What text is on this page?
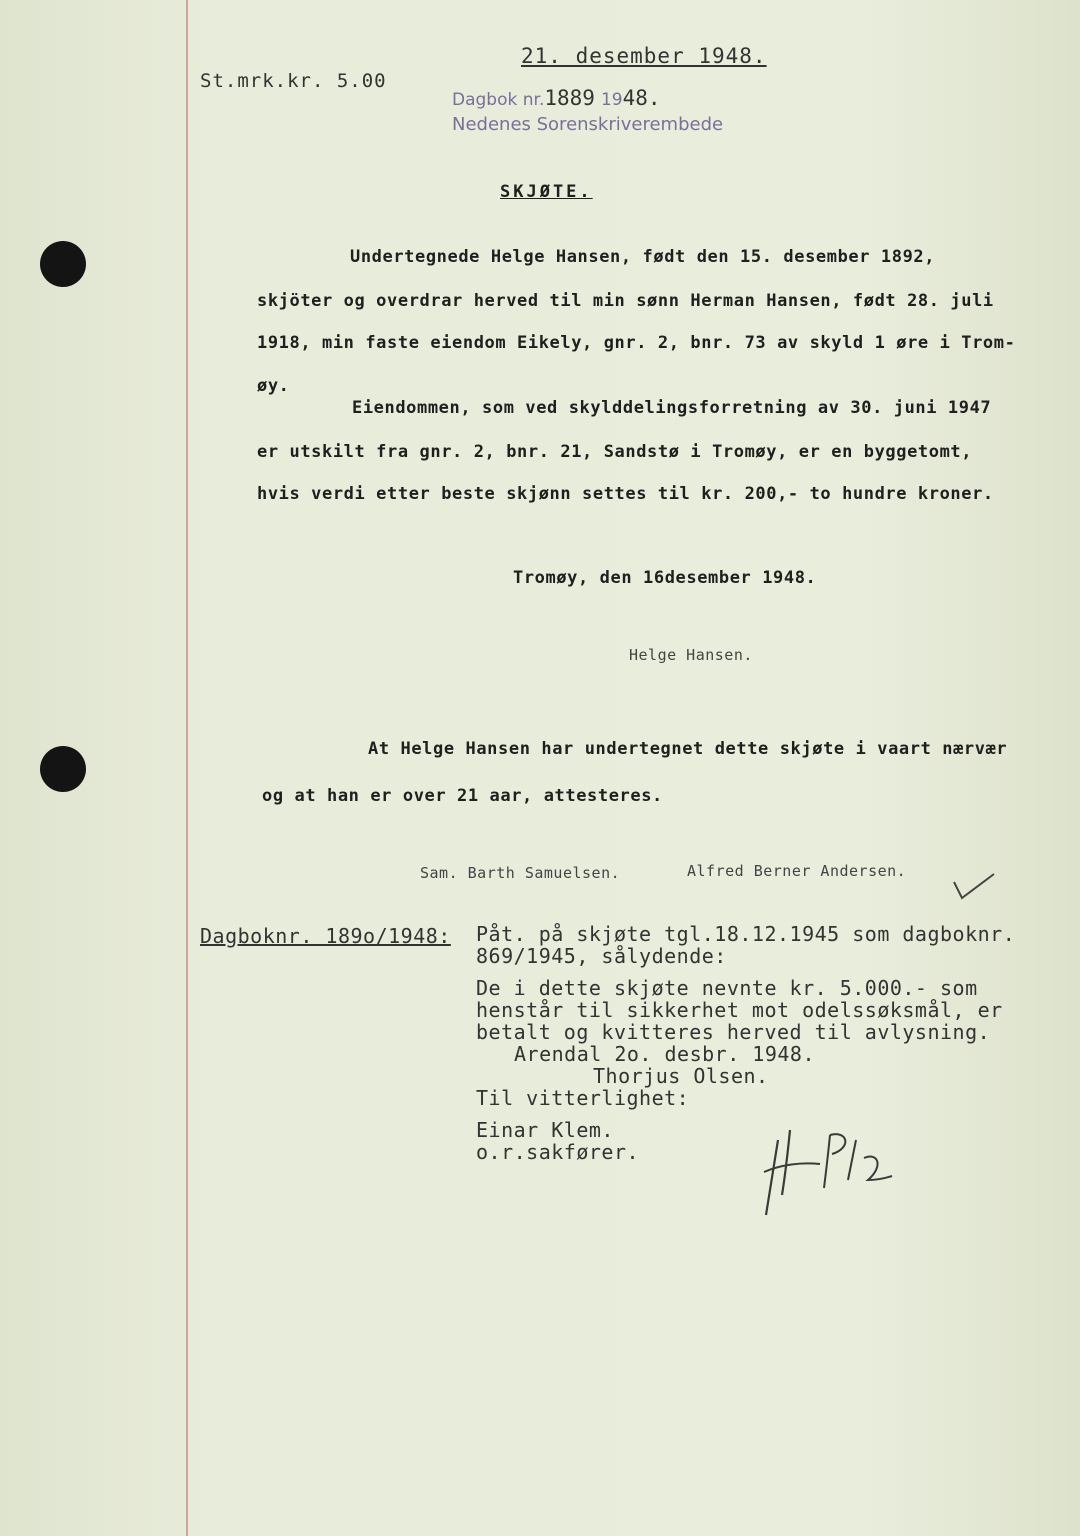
21. desember 1948.
St.mrk.kr. 5.00
Dagbok nr.1889 1948.
Nedenes Sorenskriverembede
SKJØTE.
Undertegnede Helge Hansen, født den 15. desember 1892,
skjöter og overdrar herved til min sønn Herman Hansen, født 28. juli
1918, min faste eiendom Eikely, gnr. 2, bnr. 73 av skyld 1 øre i Trom-
øy.
Eiendommen, som ved skylddelingsforretning av 30. juni 1947
er utskilt fra gnr. 2, bnr. 21, Sandstø i Tromøy, er en byggetomt,
hvis verdi etter beste skjønn settes til kr. 200,- to hundre kroner.
Tromøy, den 16desember 1948.
Helge Hansen.
At Helge Hansen har undertegnet dette skjøte i vaart nærvær
og at han er over 21 aar, attesteres.
Sam. Barth Samuelsen.	Alfred Berner Andersen.
Dagboknr. 189o/1948: Påt. på skjøte tgl.18.12.1945 som dagboknr.
869/1945, sålydende:
De i dette skjøte nevnte kr. 5.000.- som
henstår til sikkerhet mot odelssøksmål, er
betalt og kvitteres herved til avlysning.
Arendal 2o. desbr. 1948.
Thorjus Olsen.
Til vitterlighet:
Einar Klem.
o.r.sakfører.
